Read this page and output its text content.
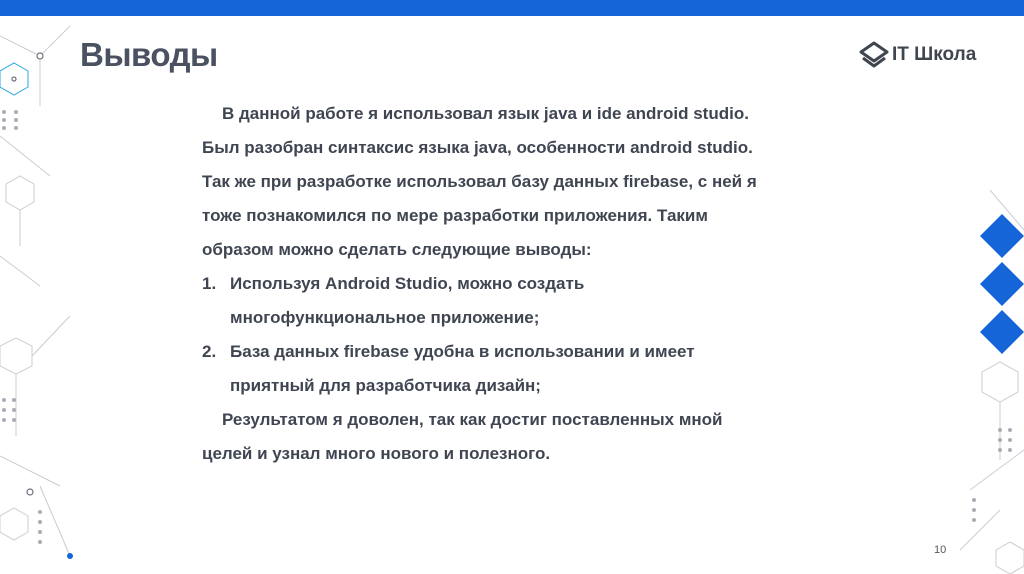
Выводы	IT Школа

В данной работе я использовал язык java и ide android studio. Был разобран синтаксис языка java, особенности android studio. Так же при разработке использовал базу данных firebase, с ней я тоже познакомился по мере разработки приложения. Таким образом можно сделать следующие выводы:

1. Используя Android Studio, можно создать многофункциональное приложение;
2. База данных firebase удобна в использовании и имеет приятный для разработчика дизайн;

Результатом я доволен, так как достиг поставленных мной целей и узнал много нового и полезного.

10
